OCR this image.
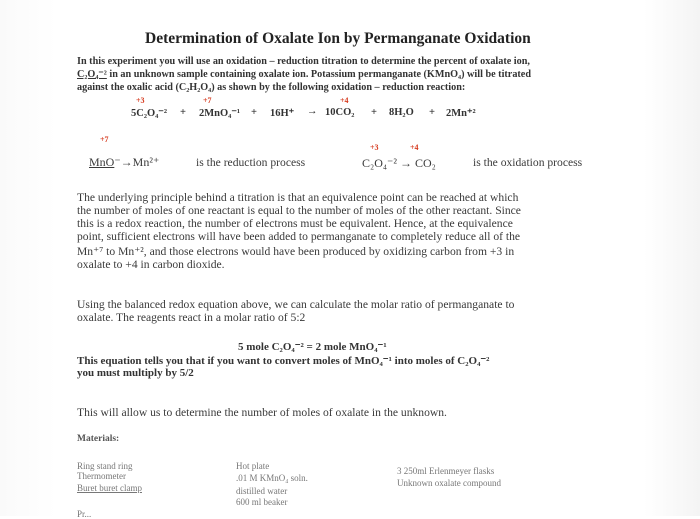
Determination of Oxalate Ion by Permanganate Oxidation
In this experiment you will use an oxidation – reduction titration to determine the percent of oxalate ion,
C₂O₄⁻² in an unknown sample containing oxalate ion. Potassium permanganate (KMnO₄) will be titrated
against the oxalic acid (C₂H₂O₄) as shown by the following oxidation – reduction reaction:
+3	+7	+4
5C₂O₄⁻² + 2MnO₄⁻¹ + 16H⁺ → 10CO₂ + 8H₂O + 2Mn⁺²
+7
+3	+4
MnO⁻→Mn²⁺	is the reduction process	C₂O₄⁻² → CO₂	is the oxidation process
The underlying principle behind a titration is that an equivalence point can be reached at which
the number of moles of one reactant is equal to the number of moles of the other reactant. Since
this is a redox reaction, the number of electrons must be equivalent. Hence, at the equivalence
point, sufficient electrons will have been added to permanganate to completely reduce all of the
Mn⁺⁷ to Mn⁺², and those electrons would have been produced by oxidizing carbon from +3 in
oxalate to +4 in carbon dioxide.
Using the balanced redox equation above, we can calculate the molar ratio of permanganate to
oxalate. The reagents react in a molar ratio of 5:2
5 mole C₂O₄⁻² = 2 mole MnO₄⁻¹
This equation tells you that if you want to convert moles of MnO₄⁻¹ into moles of C₂O₄⁻²
you must multiply by 5/2
This will allow us to determine the number of moles of oxalate in the unknown.
Materials:
Ring stand ring
Thermometer
Buret buret clamp
Hot plate
.01 M KMnO₄ soln.
distilled water
600 ml beaker
3 250ml Erlenmeyer flasks
Unknown oxalate compound
Pr...
